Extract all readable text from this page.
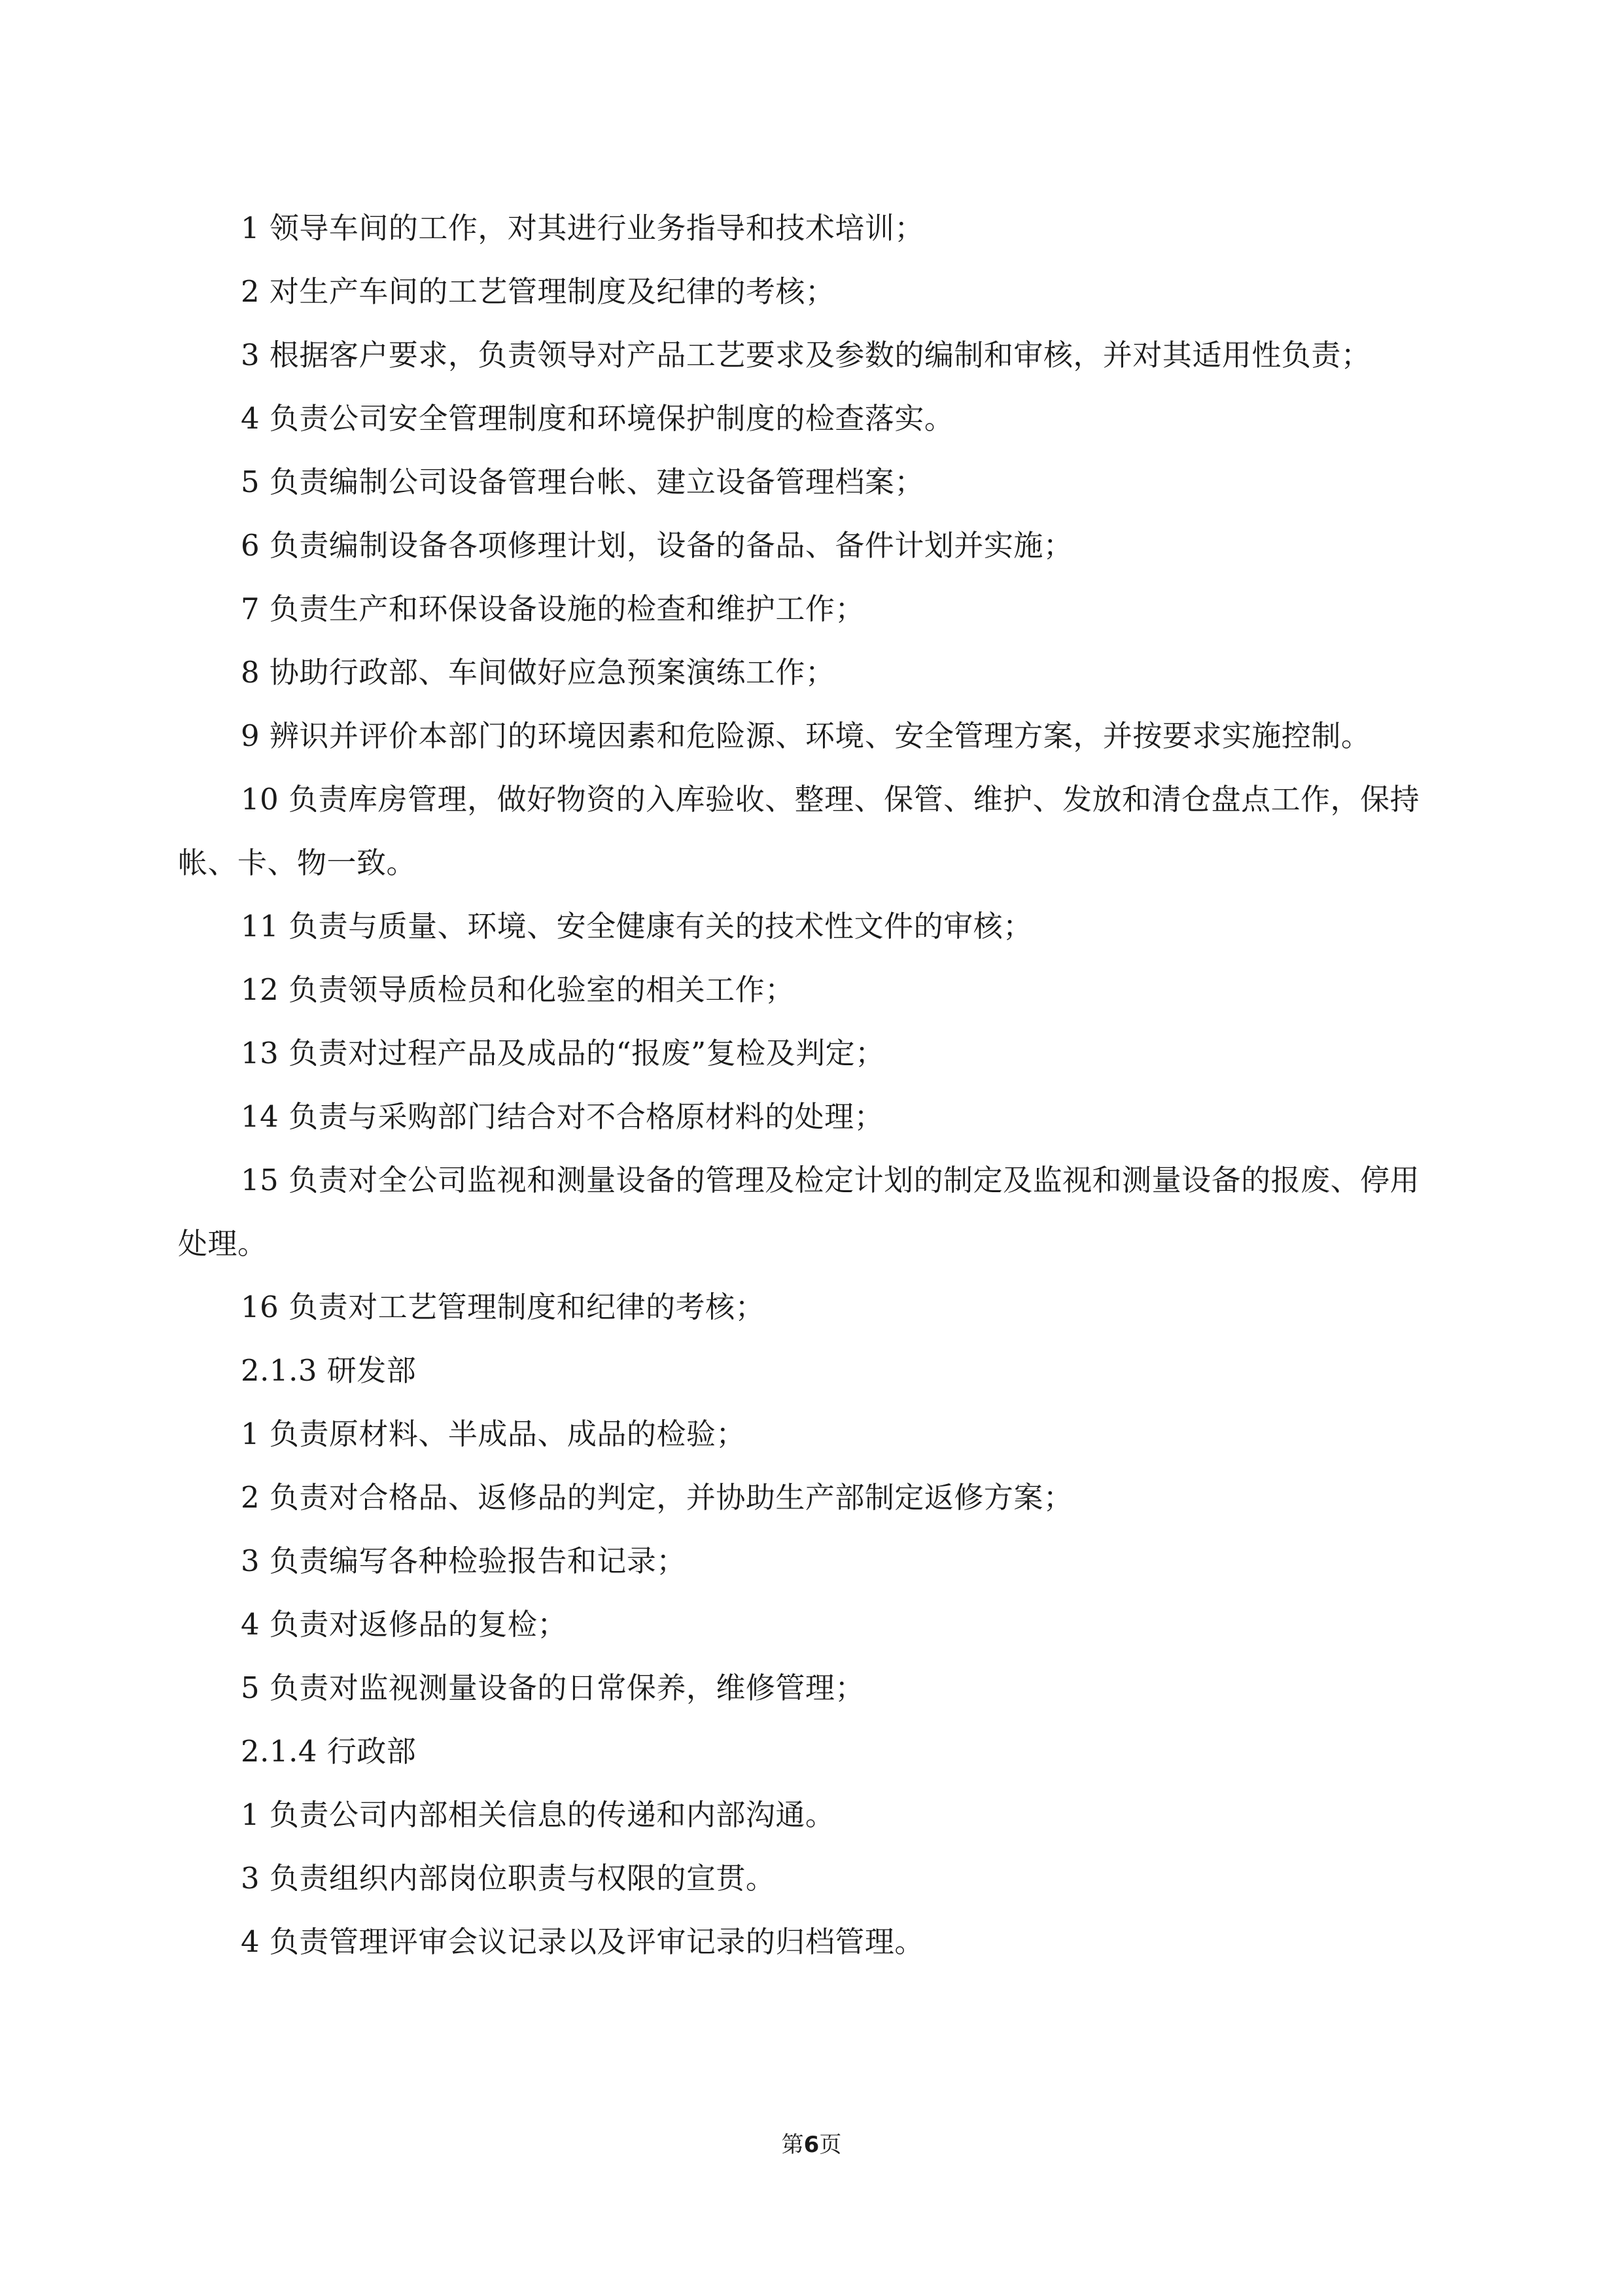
1 领导车间的工作，对其进行业务指导和技术培训；

2 对生产车间的工艺管理制度及纪律的考核；

3 根据客户要求，负责领导对产品工艺要求及参数的编制和审核，并对其适用性负责；

4 负责公司安全管理制度和环境保护制度的检查落实。

5 负责编制公司设备管理台帐、建立设备管理档案；

6 负责编制设备各项修理计划，设备的备品、备件计划并实施；

7 负责生产和环保设备设施的检查和维护工作；

8 协助行政部、车间做好应急预案演练工作；

9 辨识并评价本部门的环境因素和危险源、环境、安全管理方案，并按要求实施控制。

10 负责库房管理，做好物资的入库验收、整理、保管、维护、发放和清仓盘点工作，保持帐、卡、物一致。

11 负责与质量、环境、安全健康有关的技术性文件的审核；

12 负责领导质检员和化验室的相关工作；

13 负责对过程产品及成品的“报废”复检及判定；

14 负责与采购部门结合对不合格原材料的处理；

15 负责对全公司监视和测量设备的管理及检定计划的制定及监视和测量设备的报废、停用处理。

16 负责对工艺管理制度和纪律的考核；

2.1.3 研发部

1 负责原材料、半成品、成品的检验；

2 负责对合格品、返修品的判定，并协助生产部制定返修方案；

3 负责编写各种检验报告和记录；

4 负责对返修品的复检；

5 负责对监视测量设备的日常保养，维修管理；

2.1.4 行政部

1 负责公司内部相关信息的传递和内部沟通。

3 负责组织内部岗位职责与权限的宣贯。

4 负责管理评审会议记录以及评审记录的归档管理。

第6页
